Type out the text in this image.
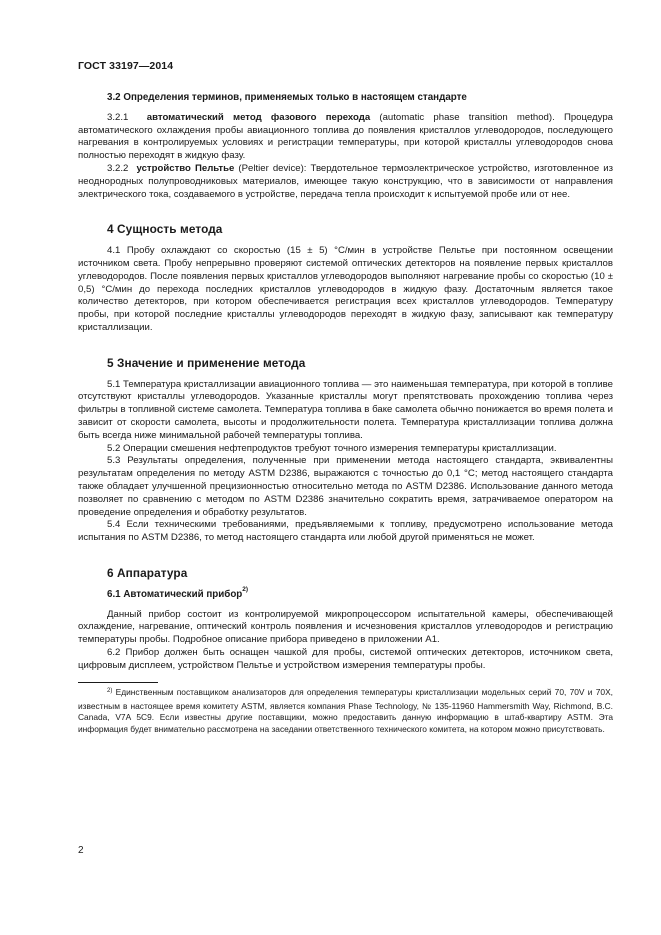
ГОСТ 33197—2014

3.2 Определения терминов, применяемых только в настоящем стандарте

3.2.1 автоматический метод фазового перехода (automatic phase transition method). Процедура автоматического охлаждения пробы авиационного топлива до появления кристаллов углеводородов, последующего нагревания в контролируемых условиях и регистрации температуры, при которой кристаллы углеводородов снова полностью переходят в жидкую фазу.

3.2.2 устройство Пельтье (Peltier device): Твердотельное термоэлектрическое устройство, изготовленное из неоднородных полупроводниковых материалов, имеющее такую конструкцию, что в зависимости от направления электрического тока, создаваемого в устройстве, передача тепла происходит к испытуемой пробе или от нее.

4 Сущность метода

4.1 Пробу охлаждают со скоростью (15 ± 5) °С/мин в устройстве Пельтье при постоянном освещении источником света. Пробу непрерывно проверяют системой оптических детекторов на появление первых кристаллов углеводородов. После появления первых кристаллов углеводородов выполняют нагревание пробы со скоростью (10 ± 0,5) °С/мин до перехода последних кристаллов углеводородов в жидкую фазу. Достаточным является такое количество детекторов, при котором обеспечивается регистрация всех кристаллов углеводородов. Температуру пробы, при которой последние кристаллы углеводородов переходят в жидкую фазу, записывают как температуру кристаллизации.

5 Значение и применение метода

5.1 Температура кристаллизации авиационного топлива — это наименьшая температура, при которой в топливе отсутствуют кристаллы углеводородов. Указанные кристаллы могут препятствовать прохождению топлива через фильтры в топливной системе самолета. Температура топлива в баке самолета обычно понижается во время полета и зависит от скорости самолета, высоты и продолжительности полета. Температура кристаллизации топлива должна быть всегда ниже минимальной рабочей температуры топлива.

5.2 Операции смешения нефтепродуктов требуют точного измерения температуры кристаллизации.

5.3 Результаты определения, полученные при применении метода настоящего стандарта, эквивалентны результатам определения по методу ASTM D2386, выражаются с точностью до 0,1 °С; метод настоящего стандарта также обладает улучшенной прецизионностью относительно метода по ASTM D2386. Использование данного метода позволяет по сравнению с методом по ASTM D2386 значительно сократить время, затрачиваемое оператором на проведение определения и обработку результатов.

5.4 Если техническими требованиями, предъявляемыми к топливу, предусмотрено использование метода испытания по ASTM D2386, то метод настоящего стандарта или любой другой применяться не может.

6 Аппаратура

6.1 Автоматический прибор$^{2)}$

Данный прибор состоит из контролируемой микропроцессором испытательной камеры, обеспечивающей охлаждение, нагревание, оптический контроль появления и исчезновения кристаллов углеводородов и регистрацию температуры пробы. Подробное описание прибора приведено в приложении А1.

6.2 Прибор должен быть оснащен чашкой для пробы, системой оптических детекторов, источником света, цифровым дисплеем, устройством Пельтье и устройством измерения температуры пробы.

$^{2)}$ Единственным поставщиком анализаторов для определения температуры кристаллизации модельных серий 70, 70V и 70Х, известным в настоящее время комитету ASTM, является компания Phase Technology, № 135-11960 Hammersmith Way, Richmond, B.C. Canada, V7A 5C9. Если известны другие поставщики, можно предоставить данную информацию в штаб-квартиру ASTM. Эта информация будет внимательно рассмотрена на заседании ответственного технического комитета, на котором можно присутствовать.

2
